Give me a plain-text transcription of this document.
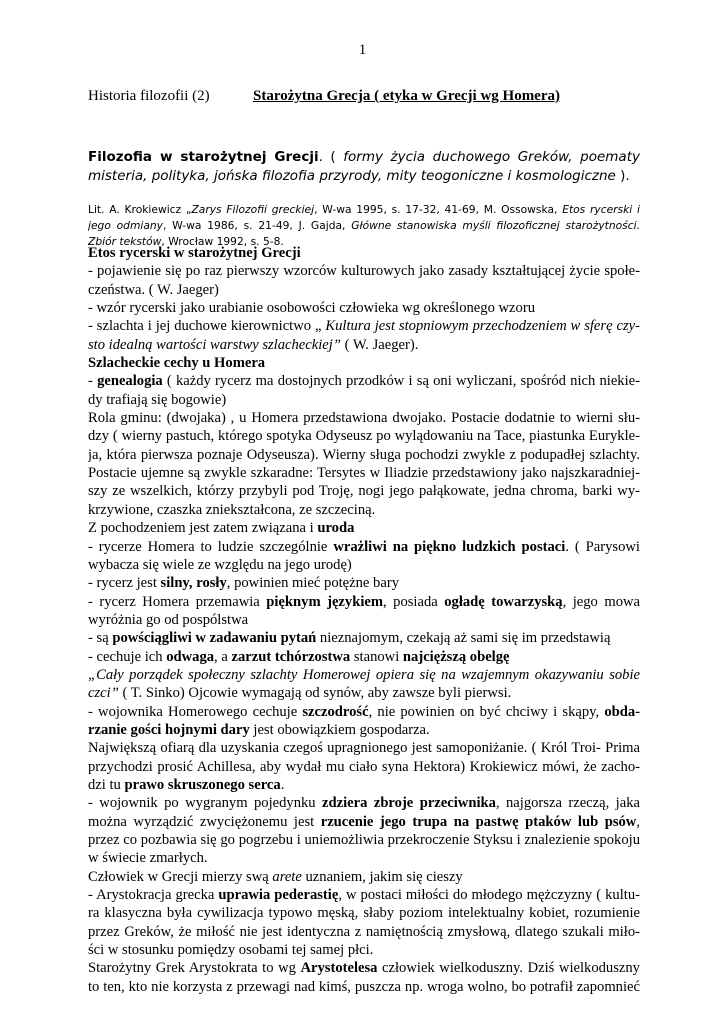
1
Historia filozofii (2)	Starożytna Grecja ( etyka w Grecji wg Homera)
Filozofia w starożytnej Grecji. ( formy życia duchowego Greków, poematy
misteria, polityka, jońska filozofia przyrody, mity teogoniczne i kosmologiczne ).
Lit. A. Krokiewicz „Zarys Filozofii greckiej, W-wa 1995, s. 17-32, 41-69, M. Ossowska, Etos rycerski i
jego odmiany, W-wa 1986, s. 21-49, J. Gajda, Główne stanowiska myśli filozoficznej starożytności.
Zbiór tekstów, Wrocław 1992, s. 5-8.
Etos rycerski w starożytnej Grecji
- pojawienie się po raz pierwszy wzorców kulturowych jako zasady kształtującej życie społe-
czeństwa. ( W. Jaeger)
- wzór rycerski jako urabianie osobowości człowieka wg określonego wzoru
- szlachta i jej duchowe kierownictwo „ Kultura jest stopniowym przechodzeniem w sferę czy-
sto idealną wartości warstwy szlacheckiej” ( W. Jaeger).
Szlacheckie cechy u Homera
- genealogia ( każdy rycerz ma dostojnych przodków i są oni wyliczani, spośród nich niekie-
dy trafiają się bogowie)
Rola gminu: (dwojaka) , u Homera przedstawiona dwojako. Postacie dodatnie to wierni słu-
dzy ( wierny pastuch, którego spotyka Odyseusz po wylądowaniu na Tace, piastunka Eurykle-
ja, która pierwsza poznaje Odyseusza). Wierny sługa pochodzi zwykle z podupadłej szlachty.
Postacie ujemne są zwykle szkaradne: Tersytes w Iliadzie przedstawiony jako najszkaradniej-
szy ze wszelkich, którzy przybyli pod Troję, nogi jego pałąkowate, jedna chroma, barki wy-
krzywione, czaszka zniekształcona, ze szczeciną.
Z pochodzeniem jest zatem związana i uroda
- rycerze Homera to ludzie szczególnie wrażliwi na piękno ludzkich postaci. ( Parysowi
wybacza się wiele ze względu na jego urodę)
- rycerz jest silny, rosły, powinien mieć potężne bary
- rycerz Homera przemawia pięknym językiem, posiada ogładę towarzyską, jego mowa
wyróżnia go od pospólstwa
- są powściągliwi w zadawaniu pytań nieznajomym, czekają aż sami się im przedstawią
- cechuje ich odwaga, a zarzut tchórzostwa stanowi najcięższą obelgę
„Cały porządek społeczny szlachty Homerowej opiera się na wzajemnym okazywaniu sobie
czci” ( T. Sinko) Ojcowie wymagają od synów, aby zawsze byli pierwsi.
- wojownika Homerowego cechuje szczodrość, nie powinien on być chciwy i skąpy, obda-
rzanie gości hojnymi dary jest obowiązkiem gospodarza.
Największą ofiarą dla uzyskania czegoś upragnionego jest samoponiżanie. ( Król Troi- Prima
przychodzi prosić Achillesa, aby wydał mu ciało syna Hektora) Krokiewicz mówi, że zacho-
dzi tu prawo skruszonego serca.
- wojownik po wygranym pojedynku zdziera zbroje przeciwnika, najgorsza rzeczą, jaka
można wyrządzić zwyciężonemu jest rzucenie jego trupa na pastwę ptaków lub psów,
przez co pozbawia się go pogrzebu i uniemożliwia przekroczenie Styksu i znalezienie spokoju
w świecie zmarłych.
Człowiek w Grecji mierzy swą arete uznaniem, jakim się cieszy
- Arystokracja grecka uprawia pederastię, w postaci miłości do młodego mężczyzny ( kultu-
ra klasyczna była cywilizacja typowo męską, słaby poziom intelektualny kobiet, rozumienie
przez Greków, że miłość nie jest identyczna z namiętnością zmysłową, dlatego szukali miło-
ści w stosunku pomiędzy osobami tej samej płci.
Starożytny Grek Arystokrata to wg Arystotelesa człowiek wielkoduszny. Dziś wielkoduszny
to ten, kto nie korzysta z przewagi nad kimś, puszcza np. wroga wolno, bo potrafił zapomnieć
